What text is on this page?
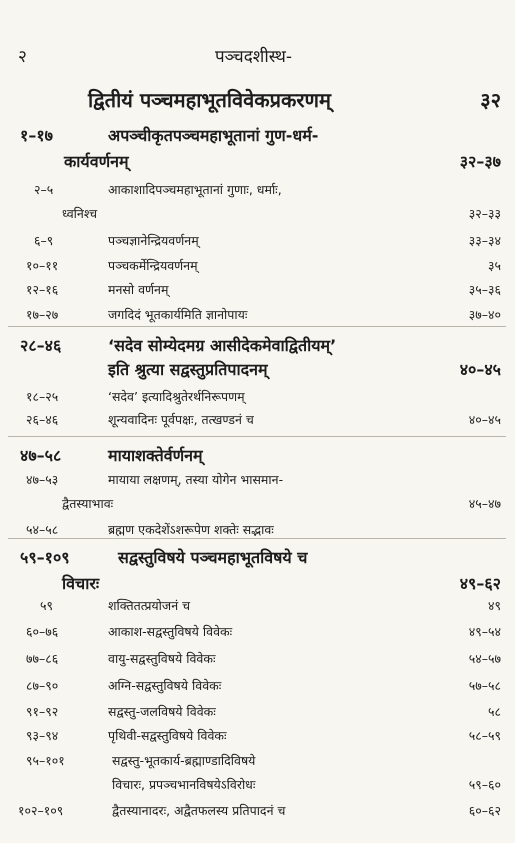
२	पञ्चदशीस्थ-
द्वितीयं पञ्चमहाभूतविवेकप्रकरणम्	३२
१–१७	अपञ्चीकृतपञ्चमहाभूतानां गुण-धर्म-
कार्यवर्णनम्	३२–३७
२–५	आकाशादिपञ्चमहाभूतानां गुणाः, धर्माः,
ध्वनिश्च	३२–३३
६–९	पञ्चज्ञानेन्द्रियवर्णनम्	३३–३४
१०–११	पञ्चकर्मेन्द्रियवर्णनम्	३५
१२–१६	मनसो वर्णनम्	३५–३६
१७–२७	जगदिदं भूतकार्यमिति ज्ञानोपायः	३७–४०
२८–४६	‘सदेव सोम्येदमग्र आसीदेकमेवाद्वितीयम्’
इति श्रुत्या सद्वस्तुप्रतिपादनम्	४०–४५
१८–२५	‘सदेव’ इत्यादिश्रुतेरर्थनिरूपणम्
२६–४६	शून्यवादिनः पूर्वपक्षः, तत्खण्डनं च	४०–४५
४७–५८	मायाशक्तेर्वर्णनम्
४७–५३	मायाया लक्षणम्, तस्या योगेन भासमान-
द्वैतस्याभावः	४५–४७
५४–५८	ब्रह्मण एकदेशेंऽशरूपेण शक्तेः सद्भावः
५९–१०९	सद्वस्तुविषये पञ्चमहाभूतविषये च
विचारः	४९–६२
५९	शक्तितत्प्रयोजनं च	४९
६०–७६	आकाश-सद्वस्तुविषये विवेकः	४९–५४
७७–८६	वायु-सद्वस्तुविषये विवेकः	५४–५७
८७–९०	अग्नि-सद्वस्तुविषये विवेकः	५७–५८
९१–९२	सद्वस्तु-जलविषये विवेकः	५८
९३–९४	पृथिवी-सद्वस्तुविषये विवेकः	५८–५९
९५–१०१	सद्वस्तु-भूतकार्य-ब्रह्माण्डादिविषये
विचारः, प्रपञ्चभानविषयेऽविरोधः	५९–६०
१०२–१०९	द्वैतस्यानादरः, अद्वैतफलस्य प्रतिपादनं च	६०–६२
